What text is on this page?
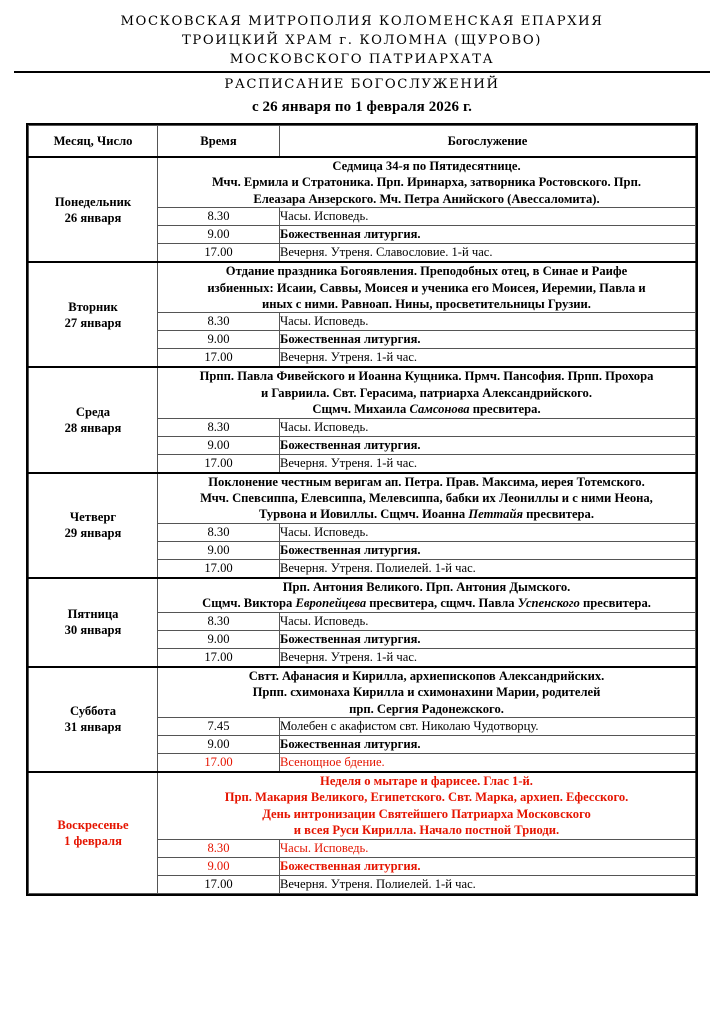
МОСКОВСКАЯ МИТРОПОЛИЯ КОЛОМЕНСКАЯ ЕПАРХИЯ
ТРОИЦКИЙ ХРАМ г. КОЛОМНА (ЩУРОВО)
МОСКОВСКОГО ПАТРИАРХАТА
РАСПИСАНИЕ БОГОСЛУЖЕНИЙ
с 26 января по 1 февраля 2026 г.
Месяц, Число	Время	Богослужение

Понедельник
26 января

Седмица 34-я по Пятидесятнице.
Мчч. Ермила и Стратоника. Прп. Иринарха, затворника Ростовского. Прп.
Елеазара Анзерского. Мч. Петра Анийского (Авессаломита).

	8.30	Часы. Исповедь.
	9.00	Божественная литургия.
	17.00	Вечерня. Утреня. Славословие. 1-й час.

Вторник
27 января

Отдание праздника Богоявления. Преподобных отец, в Синае и Раифе
избиенных: Исаии, Саввы, Моисея и ученика его Моисея, Иеремии, Павла и
иных с ними. Равноап. Нины, просветительницы Грузии.

	8.30	Часы. Исповедь.
	9.00	Божественная литургия.
	17.00	Вечерня. Утреня. 1-й час.

Среда
28 января

Прпп. Павла Фивейского и Иоанна Кущника. Прмч. Пансофия. Прпп. Прохора
и Гавриила. Свт. Герасима, патриарха Александрийского.
Сщмч. Михаила Самсонова пресвитера.

	8.30	Часы. Исповедь.
	9.00	Божественная литургия.
	17.00	Вечерня. Утреня. 1-й час.

Четверг
29 января

Поклонение честным веригам ап. Петра. Прав. Максима, иерея Тотемского.
Мчч. Спевсиппа, Елевсиппа, Мелевсиппа, бабки их Леониллы и с ними Неона,
Турвона и Иовиллы. Сщмч. Иоанна Петтайя пресвитера.

	8.30	Часы. Исповедь.
	9.00	Божественная литургия.
	17.00	Вечерня. Утреня. Полиелей. 1-й час.

Пятница
30 января

Прп. Антония Великого. Прп. Антония Дымского.
Сщмч. Виктора Европейцева пресвитера, сщмч. Павла Успенского пресвитера.

	8.30	Часы. Исповедь.
	9.00	Божественная литургия.
	17.00	Вечерня. Утреня. 1-й час.

Суббота
31 января

Свтт. Афанасия и Кирилла, архиепископов Александрийских.
Прпп. схимонаха Кирилла и схимонахини Марии, родителей
прп. Сергия Радонежского.

	7.45	Молебен с акафистом свт. Николаю Чудотворцу.
	9.00	Божественная литургия.
	17.00	Всенощное бдение.

Воскресенье
1 февраля

Неделя о мытаре и фарисее. Глас 1-й.
Прп. Макария Великого, Египетского. Свт. Марка, архиеп. Ефесского.
День интронизации Святейшего Патриарха Московского
и всея Руси Кирилла. Начало постной Триоди.

	8.30	Часы. Исповедь.
	9.00	Божественная литургия.
	17.00	Вечерня. Утреня. Полиелей. 1-й час.
